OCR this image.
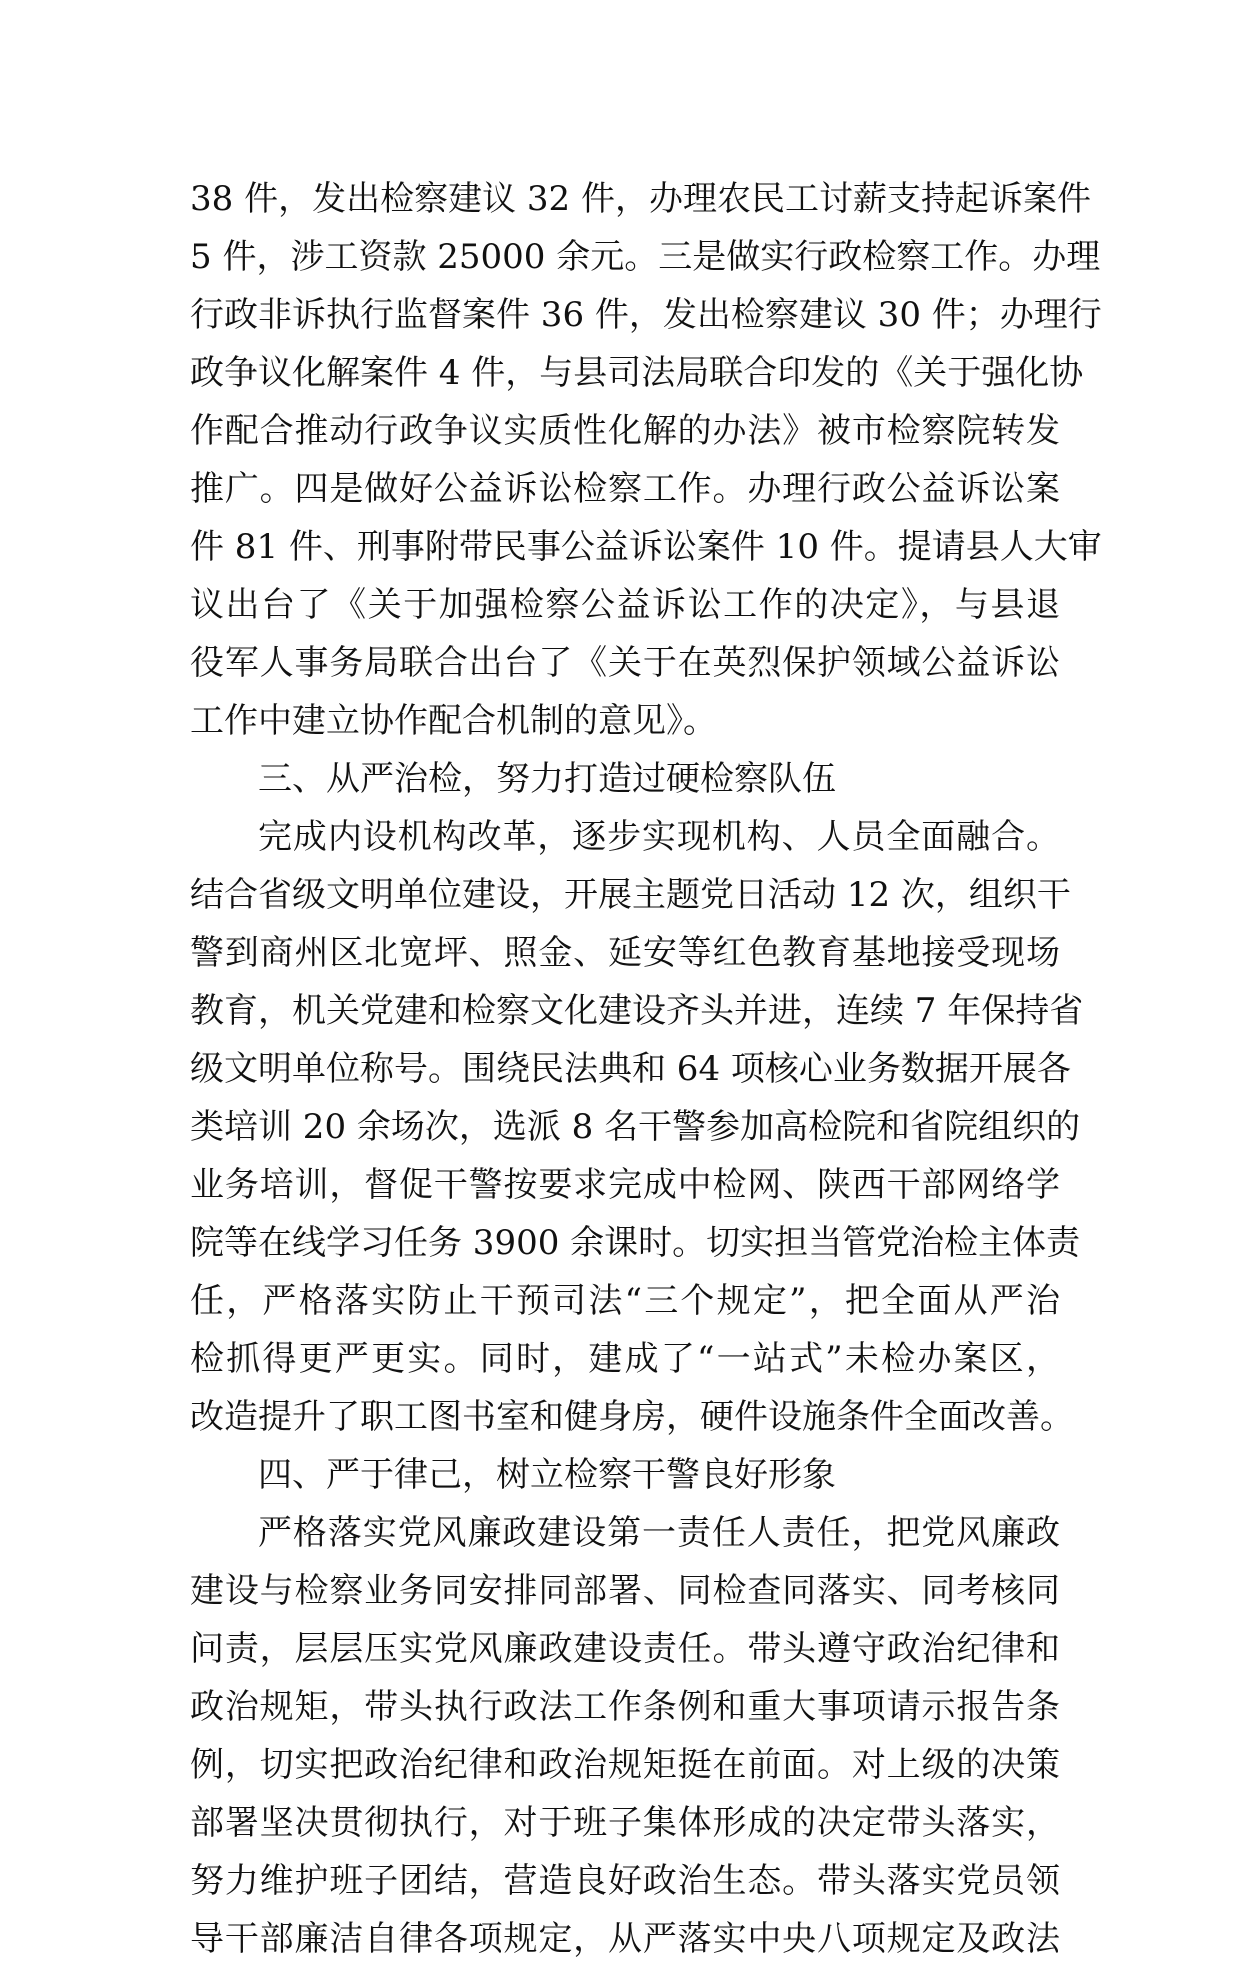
38 件，发出检察建议 32 件，办理农民工讨薪支持起诉案件
5 件，涉工资款 25000 余元。三是做实行政检察工作。办理
行政非诉执行监督案件 36 件，发出检察建议 30 件；办理行
政争议化解案件 4 件，与县司法局联合印发的《关于强化协
作配合推动行政争议实质性化解的办法》被市检察院转发
推广。四是做好公益诉讼检察工作。办理行政公益诉讼案
件 81 件、刑事附带民事公益诉讼案件 10 件。提请县人大审
议出台了《关于加强检察公益诉讼工作的决定》，与县退
役军人事务局联合出台了《关于在英烈保护领域公益诉讼
工作中建立协作配合机制的意见》。
三、从严治检，努力打造过硬检察队伍
完成内设机构改革，逐步实现机构、人员全面融合。
结合省级文明单位建设，开展主题党日活动 12 次，组织干
警到商州区北宽坪、照金、延安等红色教育基地接受现场
教育，机关党建和检察文化建设齐头并进，连续 7 年保持省
级文明单位称号。围绕民法典和 64 项核心业务数据开展各
类培训 20 余场次，选派 8 名干警参加高检院和省院组织的
业务培训，督促干警按要求完成中检网、陕西干部网络学
院等在线学习任务 3900 余课时。切实担当管党治检主体责
任，严格落实防止干预司法“三个规定”，把全面从严治
检抓得更严更实。同时，建成了“一站式”未检办案区，
改造提升了职工图书室和健身房，硬件设施条件全面改善。
四、严于律己，树立检察干警良好形象
严格落实党风廉政建设第一责任人责任，把党风廉政
建设与检察业务同安排同部署、同检查同落实、同考核同
问责，层层压实党风廉政建设责任。带头遵守政治纪律和
政治规矩，带头执行政法工作条例和重大事项请示报告条
例，切实把政治纪律和政治规矩挺在前面。对上级的决策
部署坚决贯彻执行，对于班子集体形成的决定带头落实，
努力维护班子团结，营造良好政治生态。带头落实党员领
导干部廉洁自律各项规定，从严落实中央八项规定及政法
